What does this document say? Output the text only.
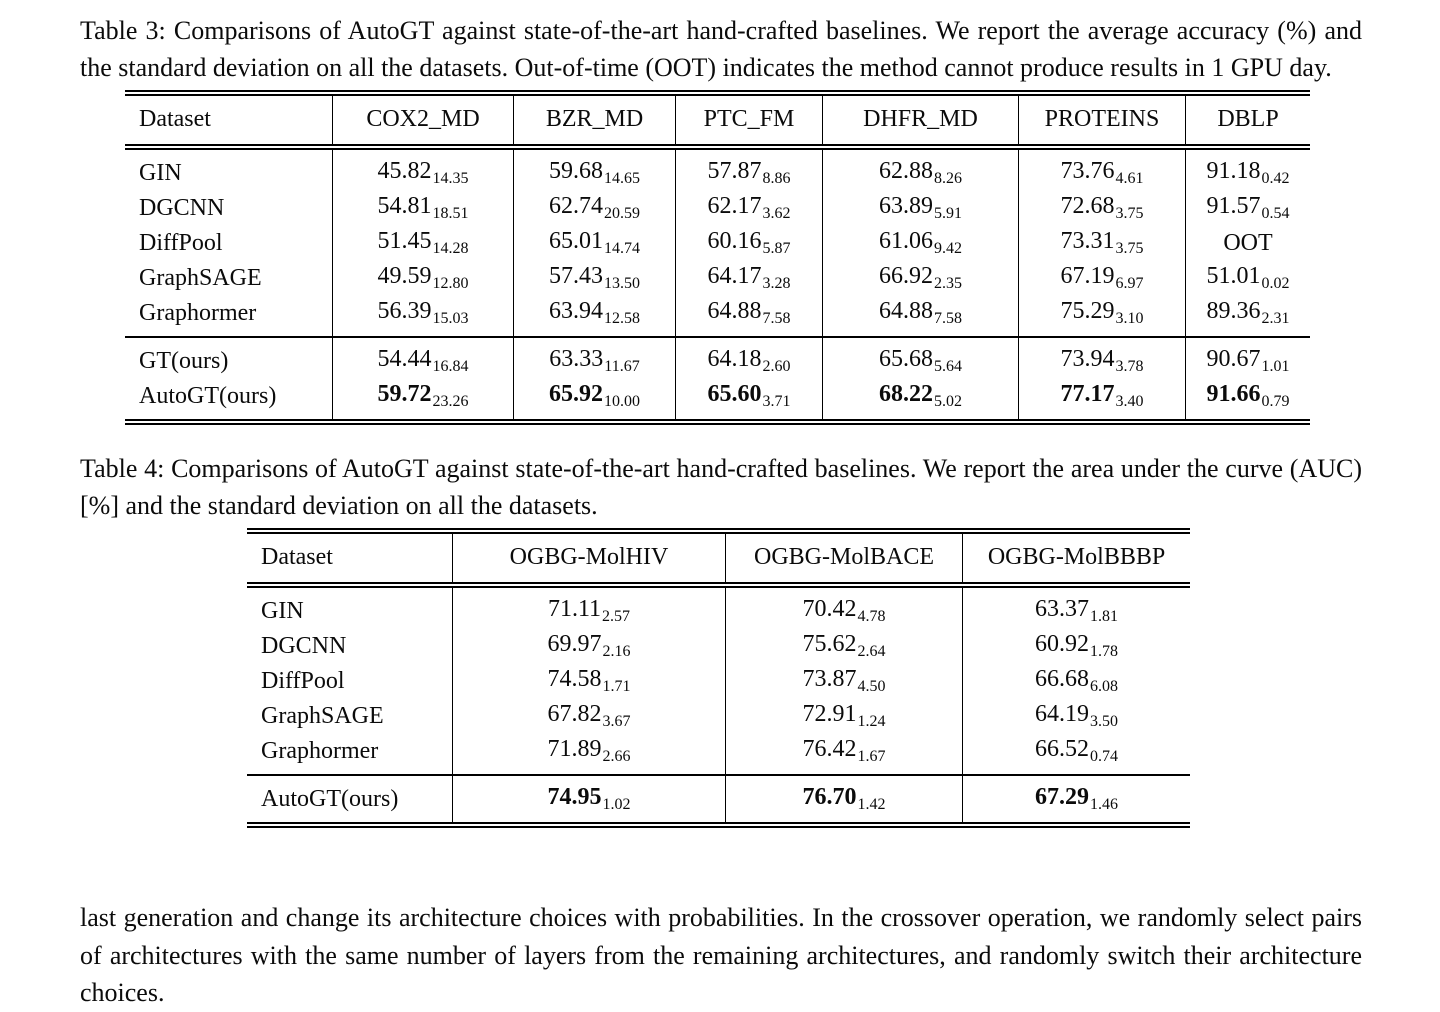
Table 3: Comparisons of AutoGT against state-of-the-art hand-crafted baselines. We report the average accuracy (%) and the standard deviation on all the datasets. Out-of-time (OOT) indicates the method cannot produce results in 1 GPU day.

Dataset	COX2_MD	BZR_MD	PTC_FM	DHFR_MD	PROTEINS	DBLP

GIN	$45.82_{14.35}$	$59.68_{14.65}$	$57.87_{8.86}$	$62.88_{8.26}$	$73.76_{4.61}$	$91.18_{0.42}$
DGCNN	$54.81_{18.51}$	$62.74_{20.59}$	$62.17_{3.62}$	$63.89_{5.91}$	$72.68_{3.75}$	$91.57_{0.54}$
DiffPool	$51.45_{14.28}$	$65.01_{14.74}$	$60.16_{5.87}$	$61.06_{9.42}$	$73.31_{3.75}$	OOT
GraphSAGE	$49.59_{12.80}$	$57.43_{13.50}$	$64.17_{3.28}$	$66.92_{2.35}$	$67.19_{6.97}$	$51.01_{0.02}$
Graphormer	$56.39_{15.03}$	$63.94_{12.58}$	$64.88_{7.58}$	$64.88_{7.58}$	$75.29_{3.10}$	$89.36_{2.31}$

GT(ours)	$54.44_{16.84}$	$63.33_{11.67}$	$64.18_{2.60}$	$65.68_{5.64}$	$73.94_{3.78}$	$90.67_{1.01}$
AutoGT(ours)	$59.72_{23.26}$	$65.92_{10.00}$	$65.60_{3.71}$	$68.22_{5.02}$	$77.17_{3.40}$	$91.66_{0.79}$

Table 4: Comparisons of AutoGT against state-of-the-art hand-crafted baselines. We report the area under the curve (AUC) [%] and the standard deviation on all the datasets.

Dataset	OGBG-MolHIV	OGBG-MolBACE	OGBG-MolBBBP

GIN	$71.11_{2.57}$	$70.42_{4.78}$	$63.37_{1.81}$
DGCNN	$69.97_{2.16}$	$75.62_{2.64}$	$60.92_{1.78}$
DiffPool	$74.58_{1.71}$	$73.87_{4.50}$	$66.68_{6.08}$
GraphSAGE	$67.82_{3.67}$	$72.91_{1.24}$	$64.19_{3.50}$
Graphormer	$71.89_{2.66}$	$76.42_{1.67}$	$66.52_{0.74}$

AutoGT(ours)	$74.95_{1.02}$	$76.70_{1.42}$	$67.29_{1.46}$

last generation and change its architecture choices with probabilities. In the crossover operation, we randomly select pairs of architectures with the same number of layers from the remaining architectures, and randomly switch their architecture choices.
